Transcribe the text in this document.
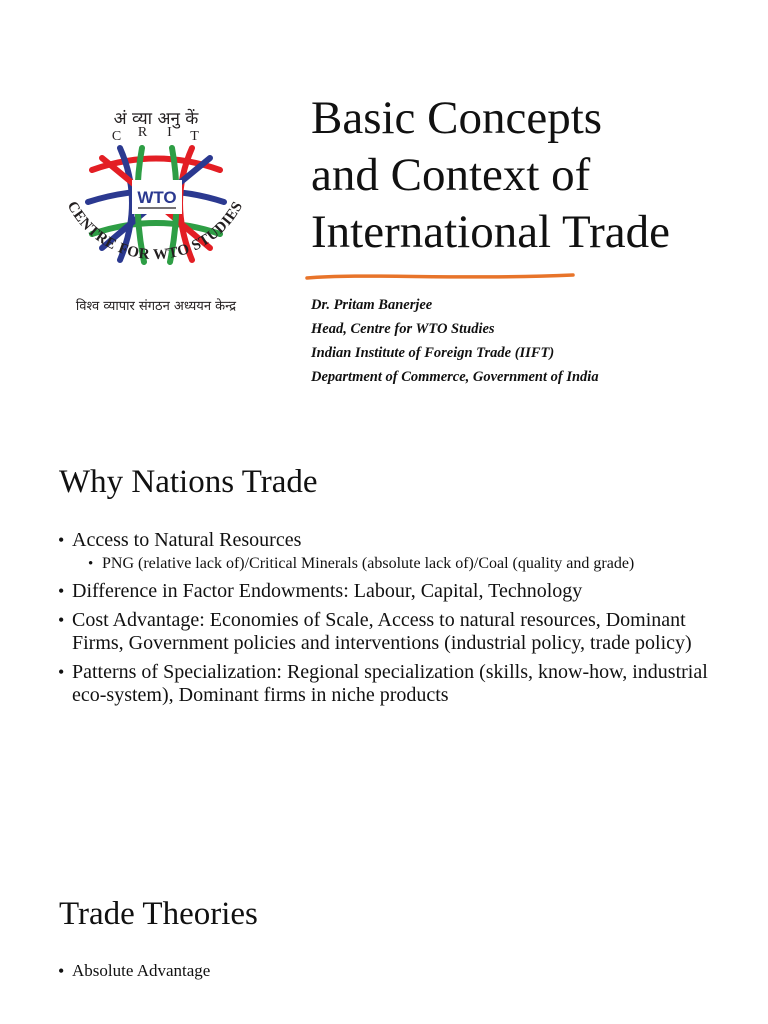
अं व्या अनु कें
C R I T
WTO
CENTRE FOR WTO STUDIES
विश्व व्यापार संगठन अध्ययन केन्द्र
Basic Concepts
and Context of
International Trade
Dr. Pritam Banerjee
Head, Centre for WTO Studies
Indian Institute of Foreign Trade (IIFT)
Department of Commerce, Government of India
Why Nations Trade
• Access to Natural Resources
• PNG (relative lack of)/Critical Minerals (absolute lack of)/Coal (quality and grade)
• Difference in Factor Endowments: Labour, Capital, Technology
• Cost Advantage: Economies of Scale, Access to natural resources, Dominant Firms, Government policies and interventions (industrial policy, trade policy)
• Patterns of Specialization: Regional specialization (skills, know-how, industrial eco-system), Dominant firms in niche products
Trade Theories
• Absolute Advantage
